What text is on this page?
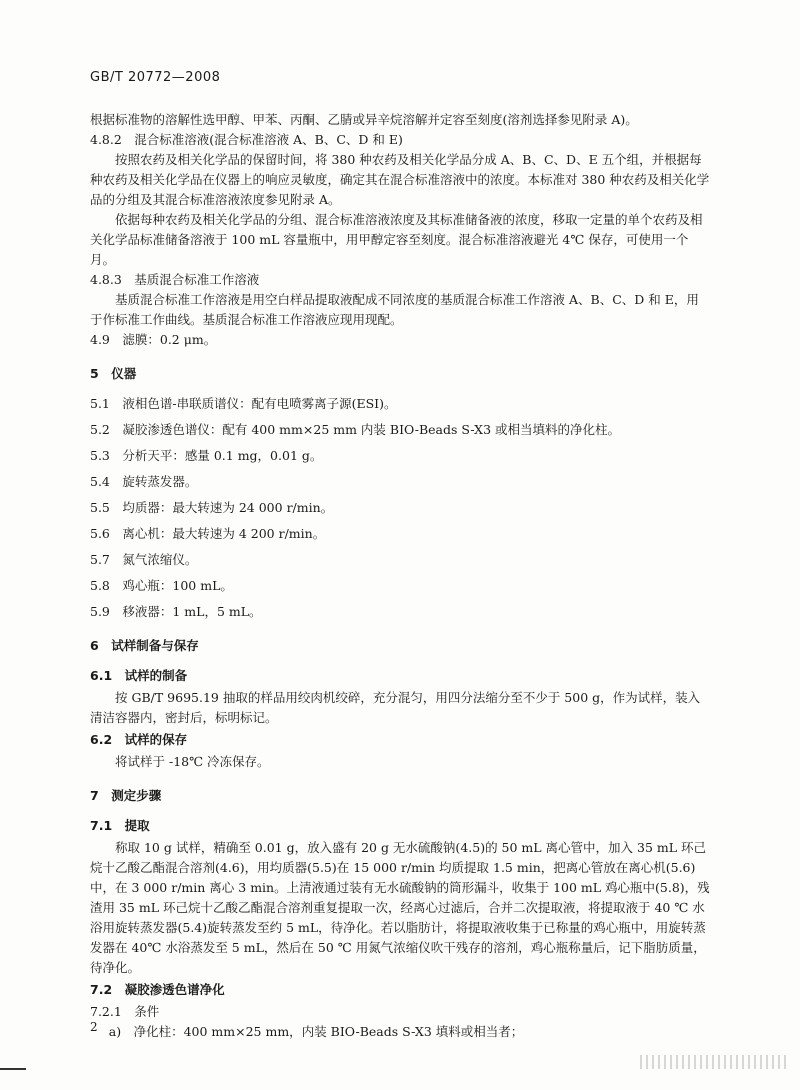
GB/T 20772—2008

根据标准物的溶解性选甲醇、甲苯、丙酮、乙腈或异辛烷溶解并定容至刻度(溶剂选择参见附录 A)。

4.8.2　混合标准溶液(混合标准溶液 A、B、C、D 和 E)

按照农药及相关化学品的保留时间，将 380 种农药及相关化学品分成 A、B、C、D、E 五个组，并根据每种农药及相关化学品在仪器上的响应灵敏度，确定其在混合标准溶液中的浓度。本标准对 380 种农药及相关化学品的分组及其混合标准溶液浓度参见附录 A。

依据每种农药及相关化学品的分组、混合标准溶液浓度及其标准储备液的浓度，移取一定量的单个农药及相关化学品标准储备溶液于 100 mL 容量瓶中，用甲醇定容至刻度。混合标准溶液避光 4℃ 保存，可使用一个月。

4.8.3　基质混合标准工作溶液

基质混合标准工作溶液是用空白样品提取液配成不同浓度的基质混合标准工作溶液 A、B、C、D 和 E，用于作标准工作曲线。基质混合标准工作溶液应现用现配。

4.9　滤膜：0.2 μm。

5　仪器

5.1　液相色谱-串联质谱仪：配有电喷雾离子源(ESI)。

5.2　凝胶渗透色谱仪：配有 400 mm×25 mm 内装 BIO-Beads S-X3 或相当填料的净化柱。

5.3　分析天平：感量 0.1 mg，0.01 g。

5.4　旋转蒸发器。

5.5　均质器：最大转速为 24 000 r/min。

5.6　离心机：最大转速为 4 200 r/min。

5.7　氮气浓缩仪。

5.8　鸡心瓶：100 mL。

5.9　移液器：1 mL，5 mL。

6　试样制备与保存

6.1　试样的制备

按 GB/T 9695.19 抽取的样品用绞肉机绞碎，充分混匀，用四分法缩分至不少于 500 g，作为试样，装入清洁容器内，密封后，标明标记。

6.2　试样的保存

将试样于 -18℃ 冷冻保存。

7　测定步骤

7.1　提取

称取 10 g 试样，精确至 0.01 g，放入盛有 20 g 无水硫酸钠(4.5)的 50 mL 离心管中，加入 35 mL 环己烷十乙酸乙酯混合溶剂(4.6)，用均质器(5.5)在 15 000 r/min 均质提取 1.5 min，把离心管放在离心机(5.6)中，在 3 000 r/min 离心 3 min。上清液通过装有无水硫酸钠的筒形漏斗，收集于 100 mL 鸡心瓶中(5.8)，残渣用 35 mL 环己烷十乙酸乙酯混合溶剂重复提取一次，经离心过滤后，合并二次提取液，将提取液于 40 ℃ 水浴用旋转蒸发器(5.4)旋转蒸发至约 5 mL，待净化。若以脂肪计，将提取液收集于已称量的鸡心瓶中，用旋转蒸发器在 40℃ 水浴蒸发至 5 mL，然后在 50 ℃ 用氮气浓缩仪吹干残存的溶剂，鸡心瓶称量后，记下脂肪质量，待净化。

7.2　凝胶渗透色谱净化

7.2.1　条件

a)　净化柱：400 mm×25 mm，内装 BIO-Beads S-X3 填料或相当者；

2
